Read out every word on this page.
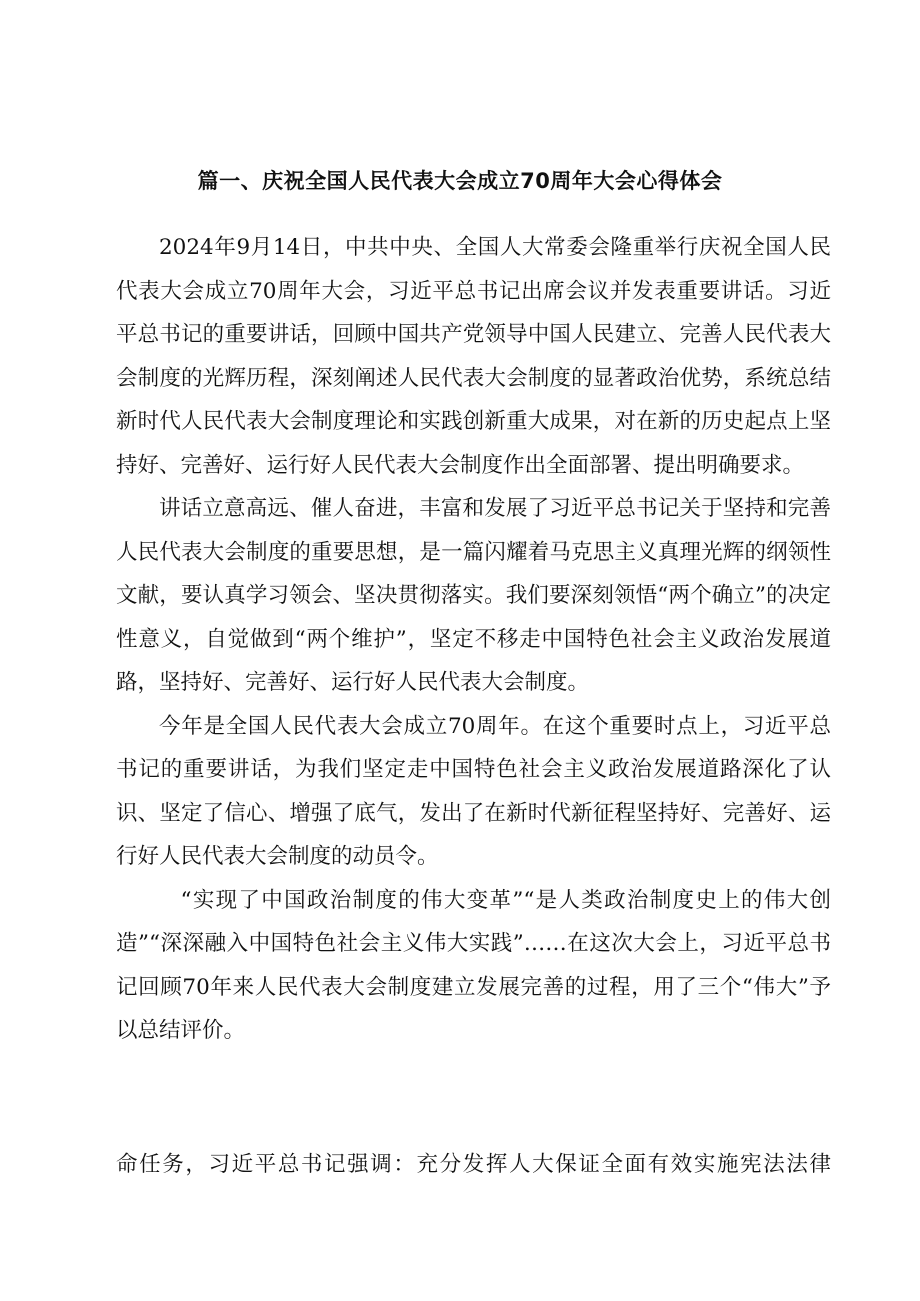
篇一、庆祝全国人民代表大会成立70周年大会心得体会

2024年9月14日，中共中央、全国人大常委会隆重举行庆祝全国人民代表大会成立70周年大会，习近平总书记出席会议并发表重要讲话。习近平总书记的重要讲话，回顾中国共产党领导中国人民建立、完善人民代表大会制度的光辉历程，深刻阐述人民代表大会制度的显著政治优势，系统总结新时代人民代表大会制度理论和实践创新重大成果，对在新的历史起点上坚持好、完善好、运行好人民代表大会制度作出全面部署、提出明确要求。

讲话立意高远、催人奋进，丰富和发展了习近平总书记关于坚持和完善人民代表大会制度的重要思想，是一篇闪耀着马克思主义真理光辉的纲领性文献，要认真学习领会、坚决贯彻落实。我们要深刻领悟“两个确立”的决定性意义，自觉做到“两个维护”，坚定不移走中国特色社会主义政治发展道路，坚持好、完善好、运行好人民代表大会制度。

今年是全国人民代表大会成立70周年。在这个重要时点上，习近平总书记的重要讲话，为我们坚定走中国特色社会主义政治发展道路深化了认识、坚定了信心、增强了底气，发出了在新时代新征程坚持好、完善好、运行好人民代表大会制度的动员令。

“实现了中国政治制度的伟大变革”“是人类政治制度史上的伟大创造”“深深融入中国特色社会主义伟大实践”……在这次大会上，习近平总书记回顾70年来人民代表大会制度建立发展完善的过程，用了三个“伟大”予以总结评价。

命任务，习近平总书记强调：充分发挥人大保证全面有效实施宪法法律
